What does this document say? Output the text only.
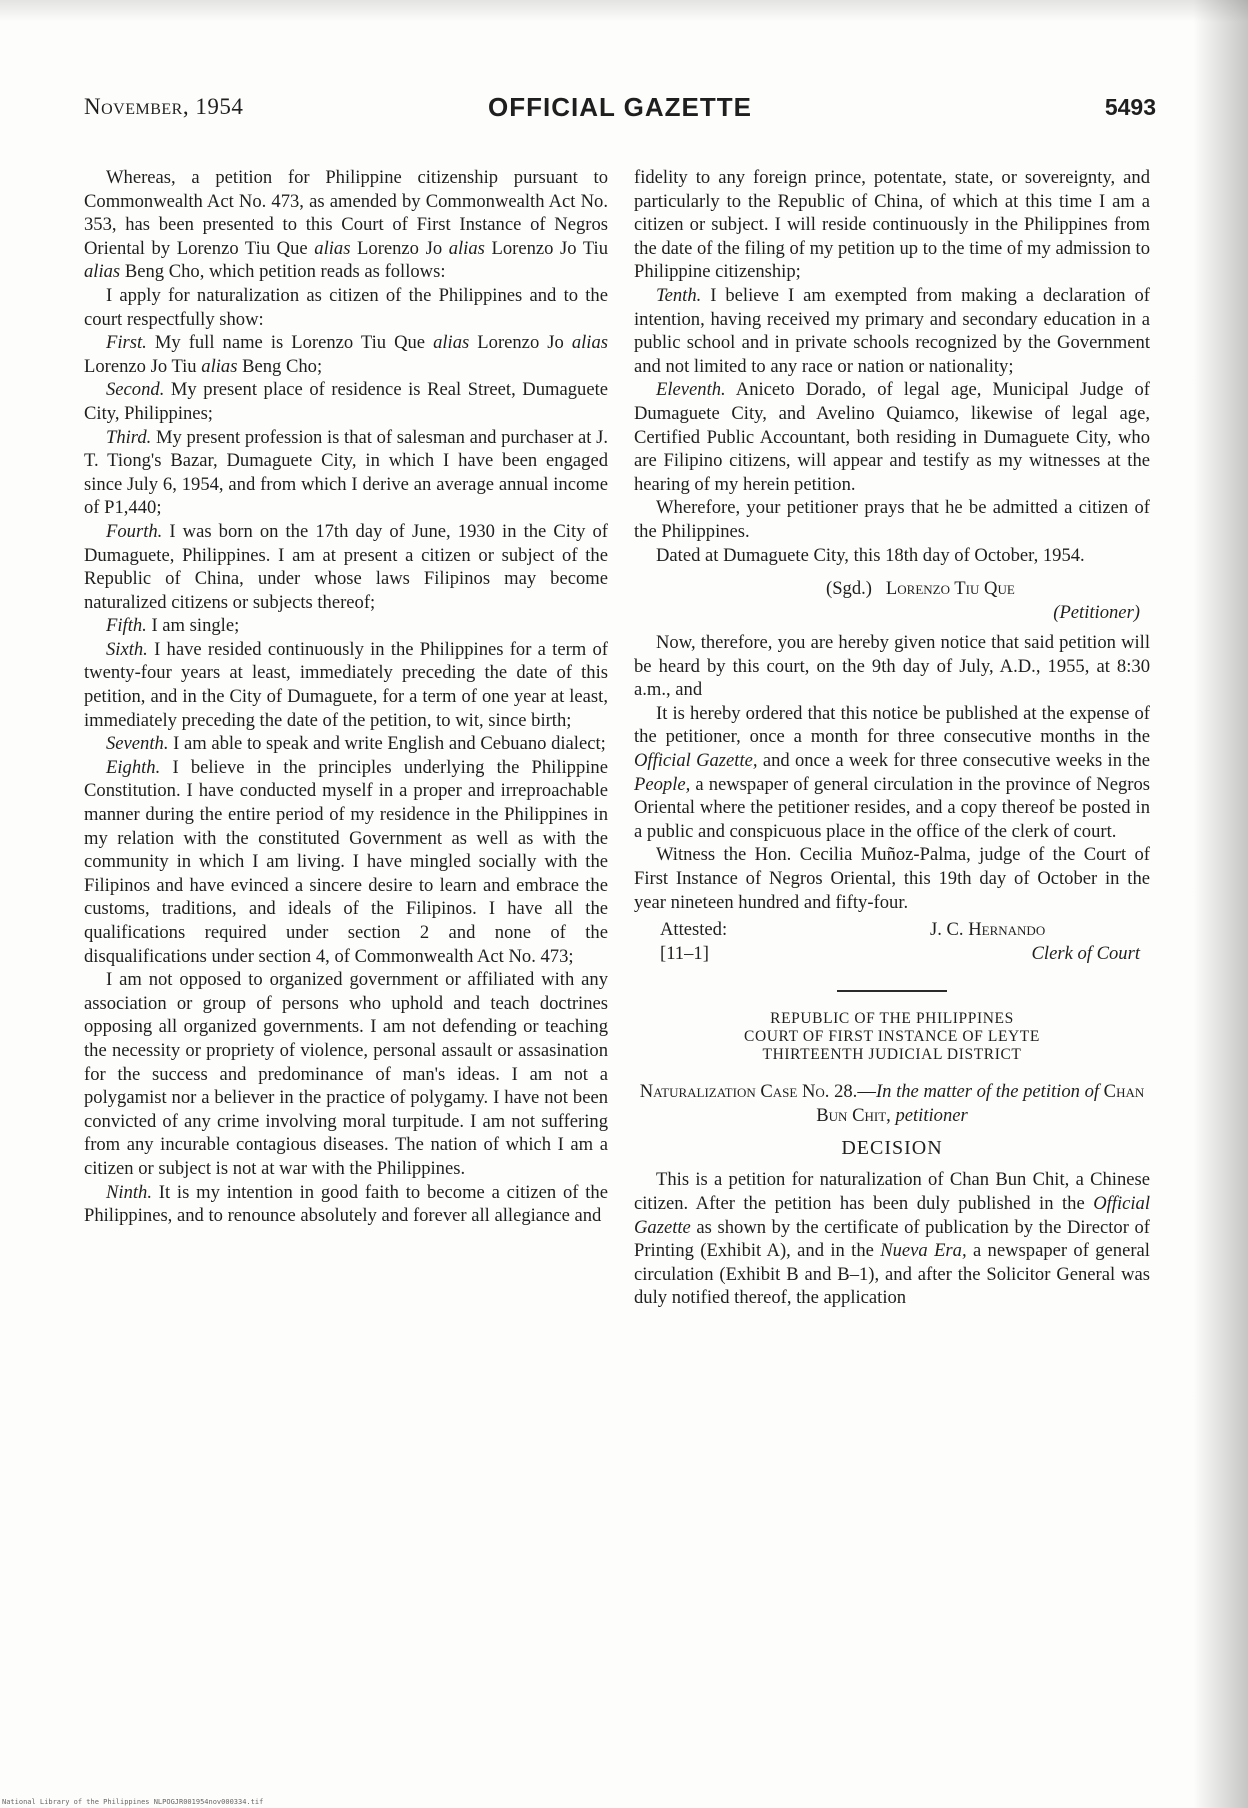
November, 1954	OFFICIAL GAZETTE	5493

Whereas, a petition for Philippine citizenship pursuant to Commonwealth Act No. 473, as amended by Commonwealth Act No. 353, has been presented to this Court of First Instance of Negros Oriental by Lorenzo Tiu Que alias Lorenzo Jo alias Lorenzo Jo Tiu alias Beng Cho, which petition reads as follows:

I apply for naturalization as citizen of the Philippines and to the court respectfully show:

First. My full name is Lorenzo Tiu Que alias Lorenzo Jo alias Lorenzo Jo Tiu alias Beng Cho;

Second. My present place of residence is Real Street, Dumaguete City, Philippines;

Third. My present profession is that of salesman and purchaser at J. T. Tiong's Bazar, Dumaguete City, in which I have been engaged since July 6, 1954, and from which I derive an average annual income of P1,440;

Fourth. I was born on the 17th day of June, 1930 in the City of Dumaguete, Philippines. I am at present a citizen or subject of the Republic of China, under whose laws Filipinos may become naturalized citizens or subjects thereof;

Fifth. I am single;

Sixth. I have resided continuously in the Philippines for a term of twenty-four years at least, immediately preceding the date of this petition, and in the City of Dumaguete, for a term of one year at least, immediately preceding the date of the petition, to wit, since birth;

Seventh. I am able to speak and write English and Cebuano dialect;

Eighth. I believe in the principles underlying the Philippine Constitution. I have conducted myself in a proper and irreproachable manner during the entire period of my residence in the Philippines in my relation with the constituted Government as well as with the community in which I am living. I have mingled socially with the Filipinos and have evinced a sincere desire to learn and embrace the customs, traditions, and ideals of the Filipinos. I have all the qualifications required under section 2 and none of the disqualifications under section 4, of Commonwealth Act No. 473;

I am not opposed to organized government or affiliated with any association or group of persons who uphold and teach doctrines opposing all organized governments. I am not defending or teaching the necessity or propriety of violence, personal assault or assasination for the success and predominance of man's ideas. I am not a polygamist nor a believer in the practice of polygamy. I have not been convicted of any crime involving moral turpitude. I am not suffering from any incurable contagious diseases. The nation of which I am a citizen or subject is not at war with the Philippines.

Ninth. It is my intention in good faith to become a citizen of the Philippines, and to renounce absolutely and forever all allegiance and

fidelity to any foreign prince, potentate, state, or sovereignty, and particularly to the Republic of China, of which at this time I am a citizen or subject. I will reside continuously in the Philippines from the date of the filing of my petition up to the time of my admission to Philippine citizenship;

Tenth. I believe I am exempted from making a declaration of intention, having received my primary and secondary education in a public school and in private schools recognized by the Government and not limited to any race or nation or nationality;

Eleventh. Aniceto Dorado, of legal age, Municipal Judge of Dumaguete City, and Avelino Quiamco, likewise of legal age, Certified Public Accountant, both residing in Dumaguete City, who are Filipino citizens, will appear and testify as my witnesses at the hearing of my herein petition.

Wherefore, your petitioner prays that he be admitted a citizen of the Philippines.

Dated at Dumaguete City, this 18th day of October, 1954.

(Sgd.) Lorenzo Tiu Que
(Petitioner)

Now, therefore, you are hereby given notice that said petition will be heard by this court, on the 9th day of July, A.D., 1955, at 8:30 a.m., and

It is hereby ordered that this notice be published at the expense of the petitioner, once a month for three consecutive months in the Official Gazette, and once a week for three consecutive weeks in the People, a newspaper of general circulation in the province of Negros Oriental where the petitioner resides, and a copy thereof be posted in a public and conspicuous place in the office of the clerk of court.

Witness the Hon. Cecilia Muñoz-Palma, judge of the Court of First Instance of Negros Oriental, this 19th day of October in the year nineteen hundred and fifty-four.

Attested:
[11–1]
J. C. Hernando
Clerk of Court
REPUBLIC OF THE PHILIPPINES
COURT OF FIRST INSTANCE OF LEYTE
THIRTEENTH JUDICIAL DISTRICT

Naturalization Case No. 28.—In the matter of the petition of Chan Bun Chit, petitioner

DECISION

This is a petition for naturalization of Chan Bun Chit, a Chinese citizen. After the petition has been duly published in the Official Gazette as shown by the certificate of publication by the Director of Printing (Exhibit A), and in the Nueva Era, a newspaper of general circulation (Exhibit B and B–1), and after the Solicitor General was duly notified thereof, the application

National Library of the Philippines NLPOGJR001954nov000334.tif
